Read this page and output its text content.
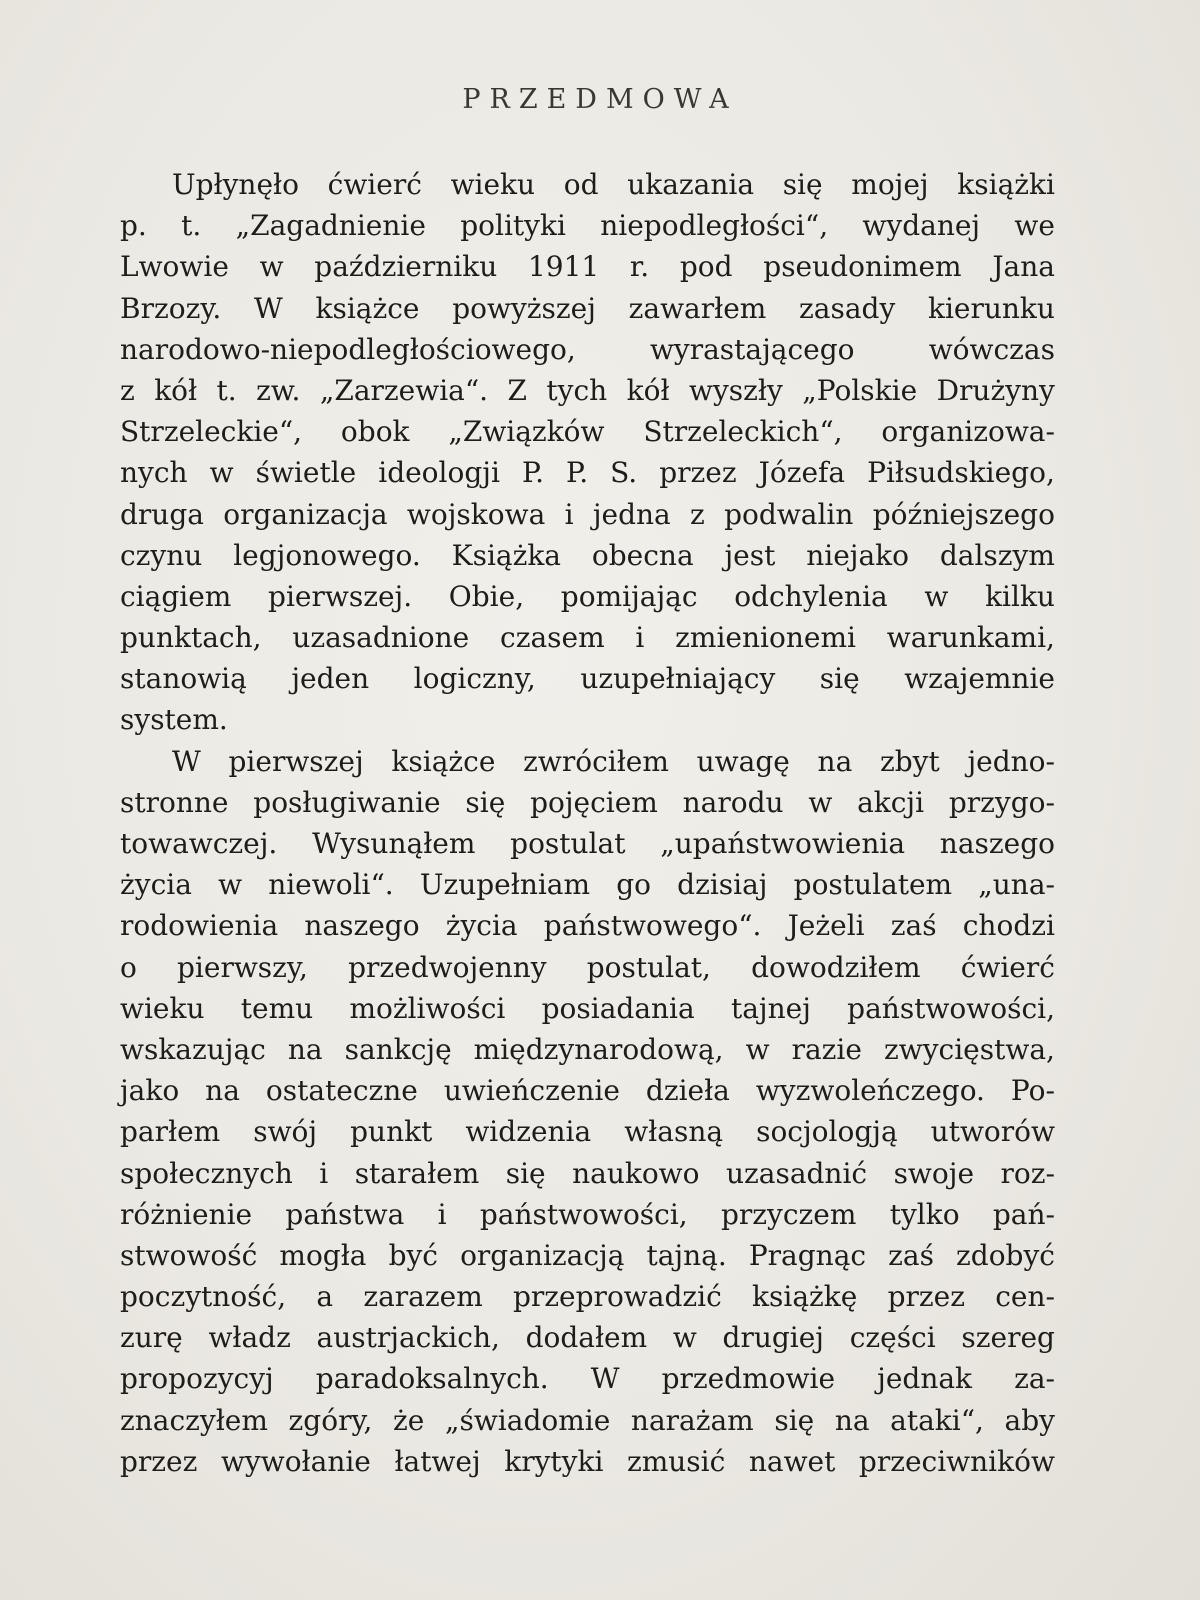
PRZEDMOWA
Upłynęło ćwierć wieku od ukazania się mojej książki
p. t. „Zagadnienie polityki niepodległości“, wydanej we
Lwowie w październiku 1911 r. pod pseudonimem Jana
Brzozy. W książce powyższej zawarłem zasady kierunku
narodowo-niepodległościowego,	wyrastającego	wówczas
z kół t. zw. „Zarzewia“. Z tych kół wyszły „Polskie Drużyny
Strzeleckie“, obok „Związków Strzeleckich“, organizowa-
nych w świetle ideologji P. P. S. przez Józefa Piłsudskiego,
druga organizacja wojskowa i jedna z podwalin późniejszego
czynu legjonowego. Książka obecna jest niejako dalszym
ciągiem pierwszej. Obie, pomijając odchylenia w kilku
punktach, uzasadnione czasem i zmienionemi warunkami,
stanowią jeden logiczny, uzupełniający się wzajemnie
system.
W pierwszej książce zwróciłem uwagę na zbyt jedno-
stronne posługiwanie się pojęciem narodu w akcji przygo-
towawczej. Wysunąłem postulat „upaństwowienia naszego
życia w niewoli“. Uzupełniam go dzisiaj postulatem „una-
rodowienia naszego życia państwowego“. Jeżeli zaś chodzi
o pierwszy, przedwojenny postulat, dowodziłem ćwierć
wieku temu możliwości posiadania tajnej państwowości,
wskazując na sankcję międzynarodową, w razie zwycięstwa,
jako na ostateczne uwieńczenie dzieła wyzwoleńczego. Po-
parłem swój punkt widzenia własną socjologją utworów
społecznych i starałem się naukowo uzasadnić swoje roz-
różnienie państwa i państwowości, przyczem tylko pań-
stwowość mogła być organizacją tajną. Pragnąc zaś zdobyć
poczytność, a zarazem przeprowadzić książkę przez cen-
zurę władz austrjackich, dodałem w drugiej części szereg
propozycyj paradoksalnych. W przedmowie jednak za-
znaczyłem zgóry, że „świadomie narażam się na ataki“, aby
przez wywołanie łatwej krytyki zmusić nawet przeciwników
